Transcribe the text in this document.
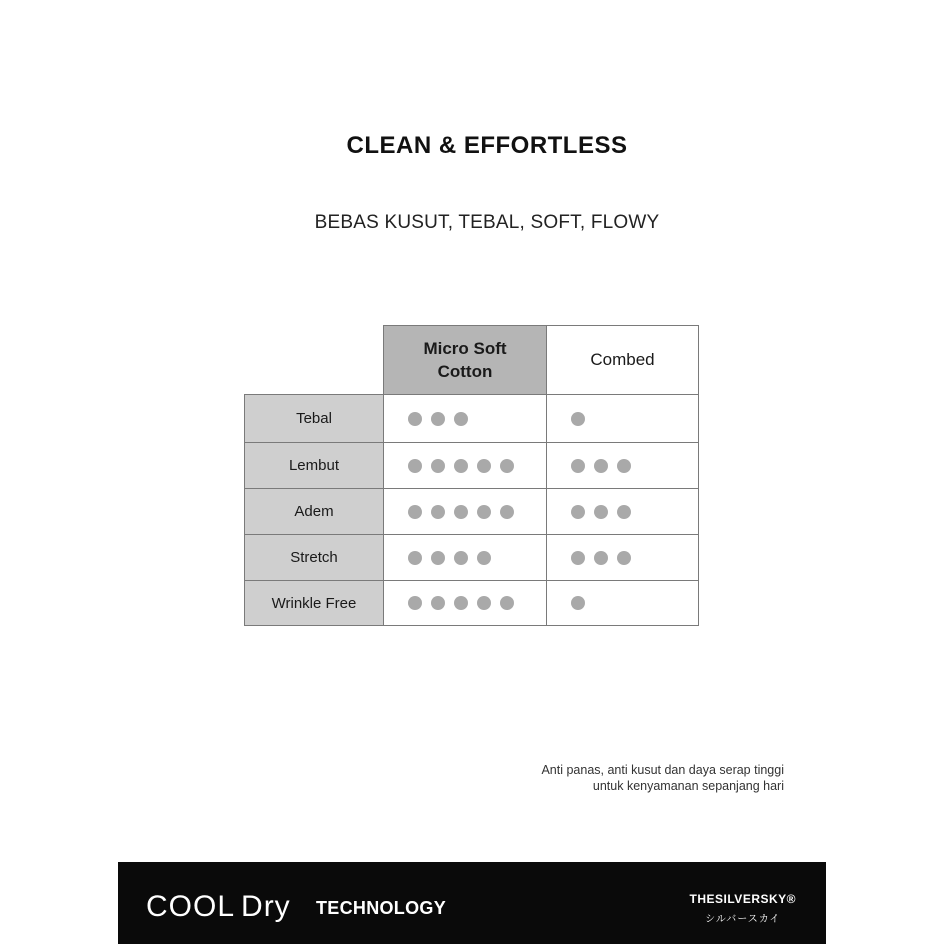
CLEAN & EFFORTLESS
BEBAS KUSUT, TEBAL, SOFT, FLOWY
Micro Soft
Cotton
Combed
Tebal
Lembut
Adem
Stretch
Wrinkle Free
Anti panas, anti kusut dan daya serap tinggi
untuk kenyamanan sepanjang hari
COOL Dry TECHNOLOGY	THESILVERSKY®
シルバースカイ
